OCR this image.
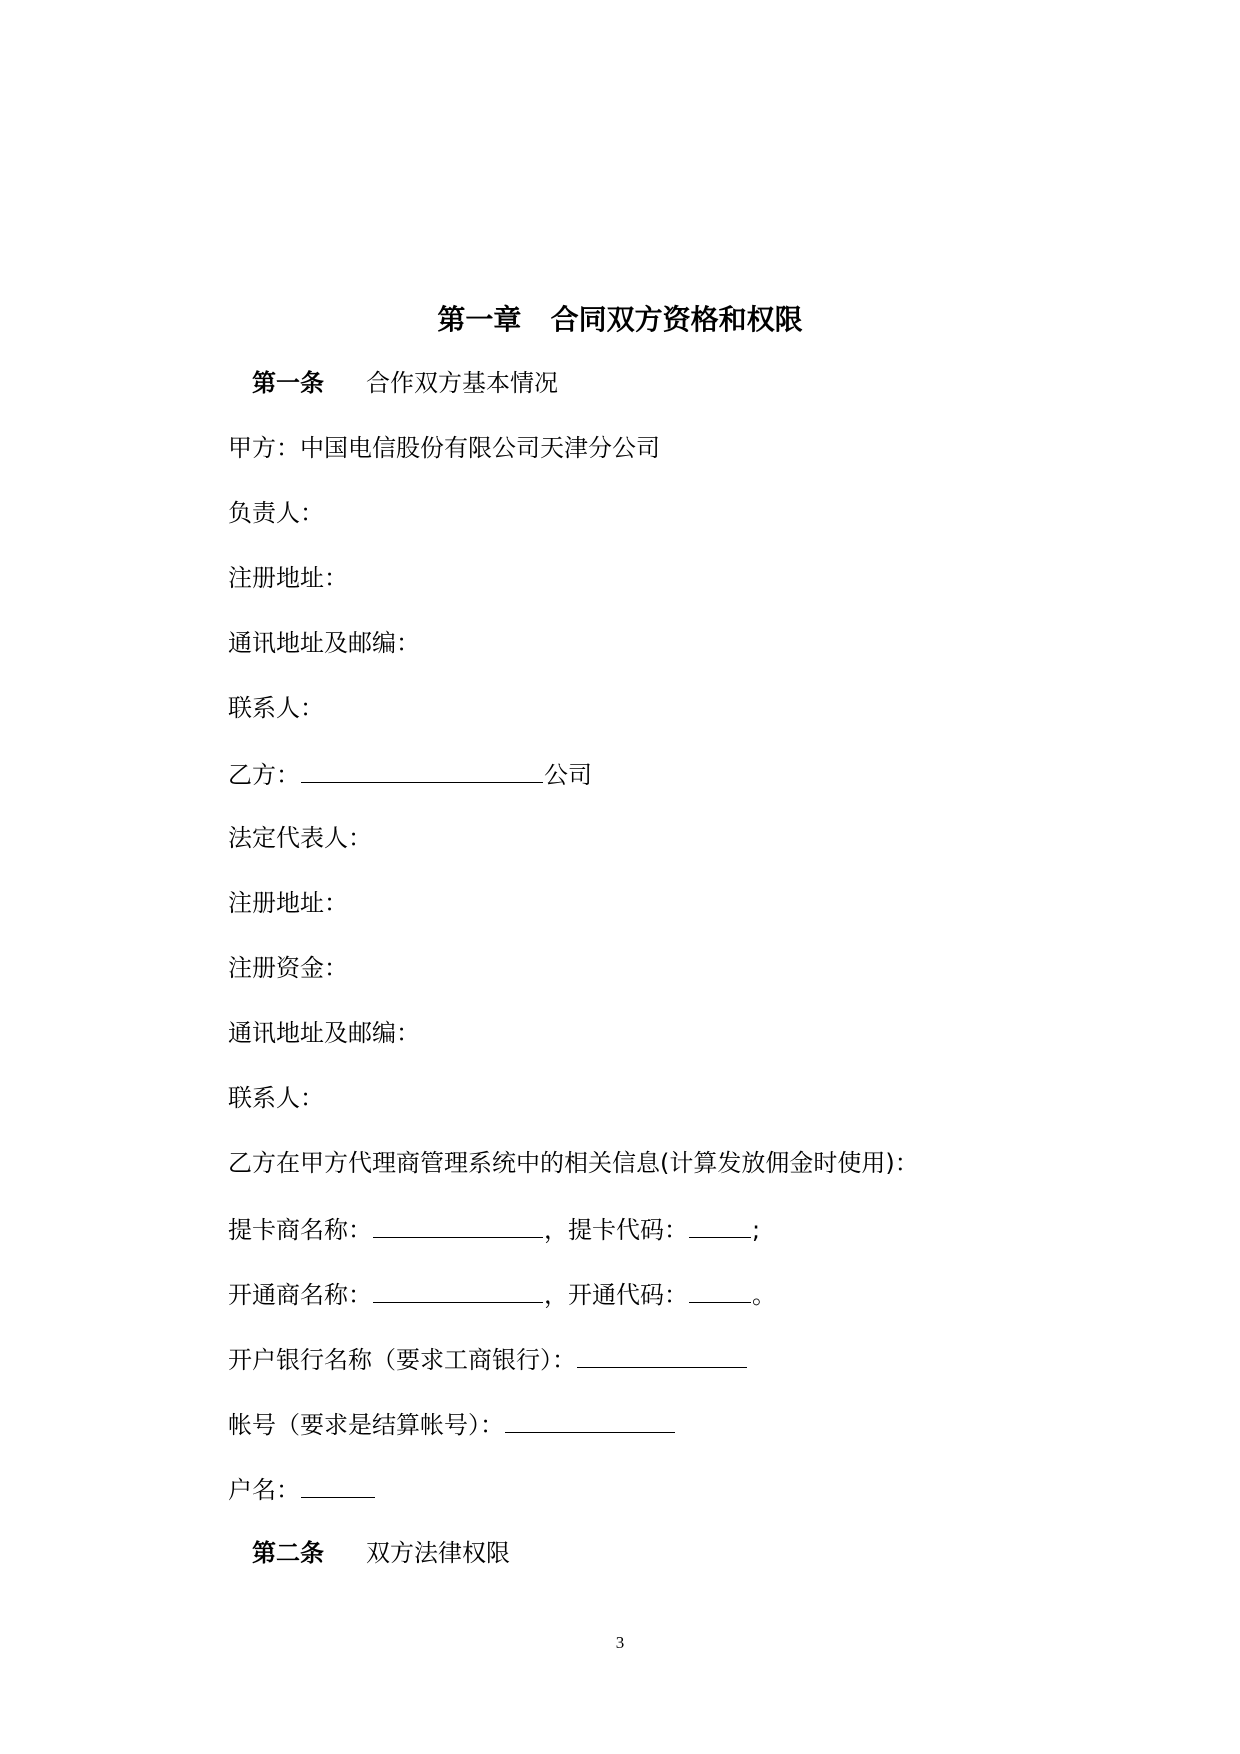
第一章   合同双方资格和权限
第一条 合作双方基本情况
甲方：中国电信股份有限公司天津分公司
负责人：
注册地址：
通讯地址及邮编：
联系人：
乙方：	公司
法定代表人：
注册地址：
注册资金：
通讯地址及邮编：
联系人：
乙方在甲方代理商管理系统中的相关信息(计算发放佣金时使用)：
提卡商名称：	，提卡代码：	;
开通商名称：	，开通代码：	。
开户银行名称（要求工商银行）：
帐号（要求是结算帐号）：
户名：
第二条 双方法律权限
3
